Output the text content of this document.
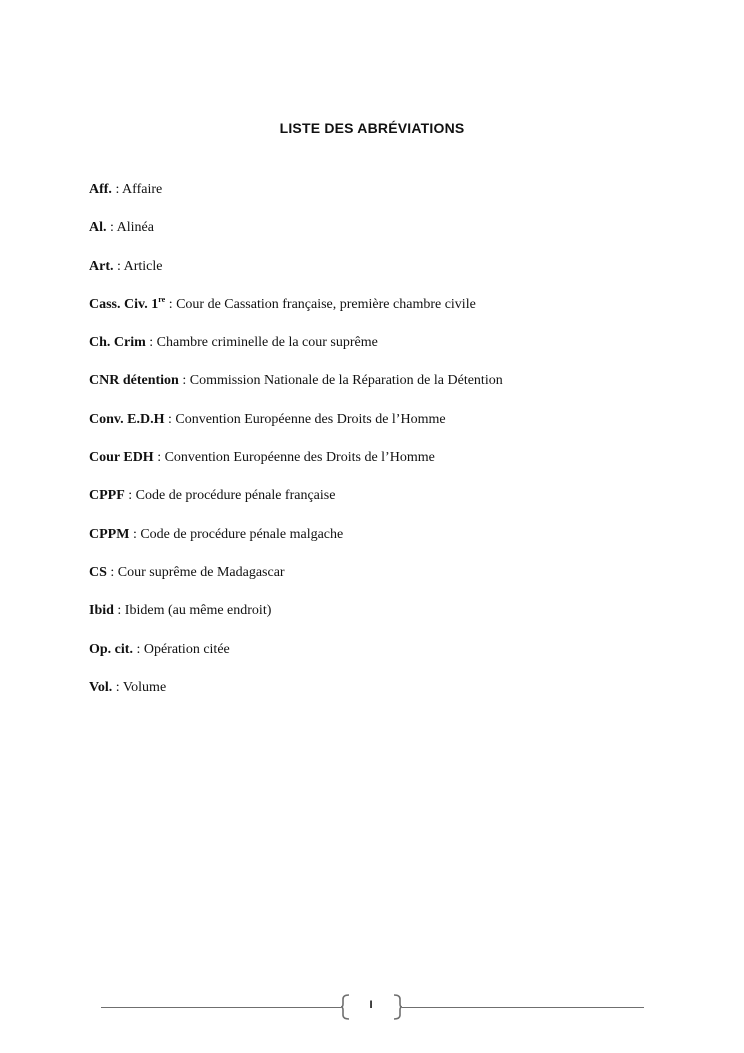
LISTE DES ABRÉVIATIONS
Aff. : Affaire
Al. : Alinéa
Art. : Article
Cass. Civ. 1re : Cour de Cassation française, première chambre civile
Ch. Crim : Chambre criminelle de la cour suprême
CNR détention : Commission Nationale de la Réparation de la Détention
Conv. E.D.H : Convention Européenne des Droits de l’Homme
Cour EDH : Convention Européenne des Droits de l’Homme
CPPF : Code de procédure pénale française
CPPM : Code de procédure pénale malgache
CS : Cour suprême de Madagascar
Ibid : Ibidem (au même endroit)
Op. cit. : Opération citée
Vol. : Volume
I
